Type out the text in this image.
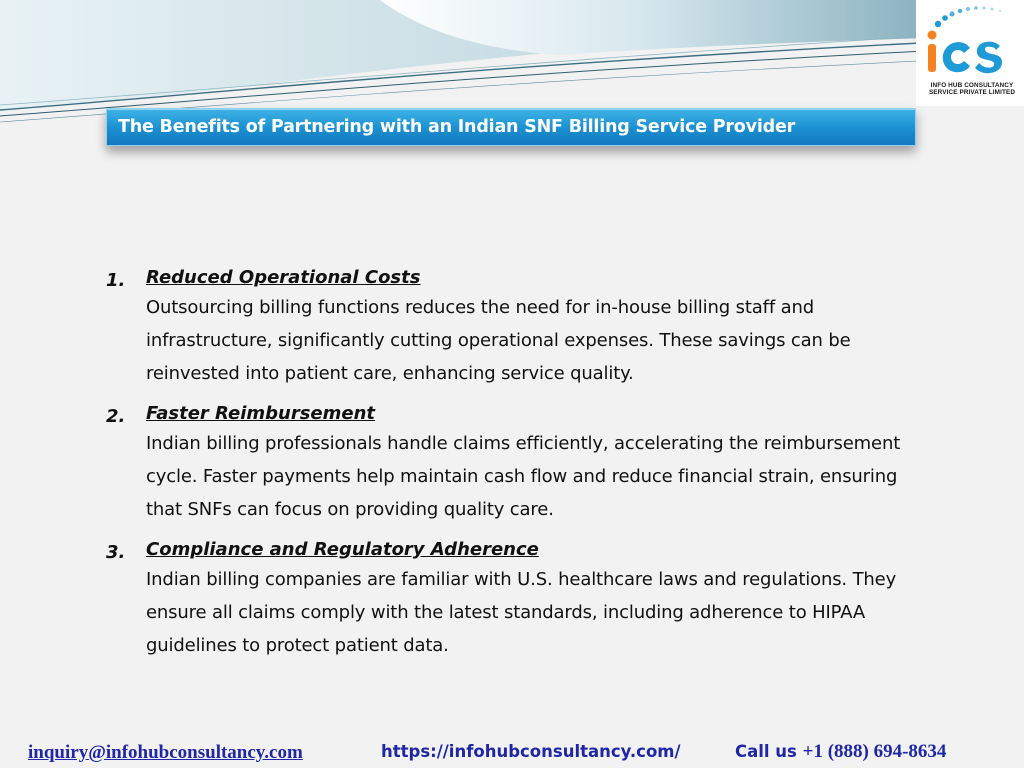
INFO HUB CONSULTANCY
SERVICE PRIVATE LIMITED
The Benefits of Partnering with an Indian SNF Billing Service Provider
1. Reduced Operational Costs
Outsourcing billing functions reduces the need for in-house billing staff and infrastructure, significantly cutting operational expenses. These savings can be reinvested into patient care, enhancing service quality.
2. Faster Reimbursement
Indian billing professionals handle claims efficiently, accelerating the reimbursement cycle. Faster payments help maintain cash flow and reduce financial strain, ensuring that SNFs can focus on providing quality care.
3. Compliance and Regulatory Adherence
Indian billing companies are familiar with U.S. healthcare laws and regulations. They ensure all claims comply with the latest standards, including adherence to HIPAA guidelines to protect patient data.
inquiry@infohubconsultancy.com	https://infohubconsultancy.com/	Call us +1 (888) 694-8634
